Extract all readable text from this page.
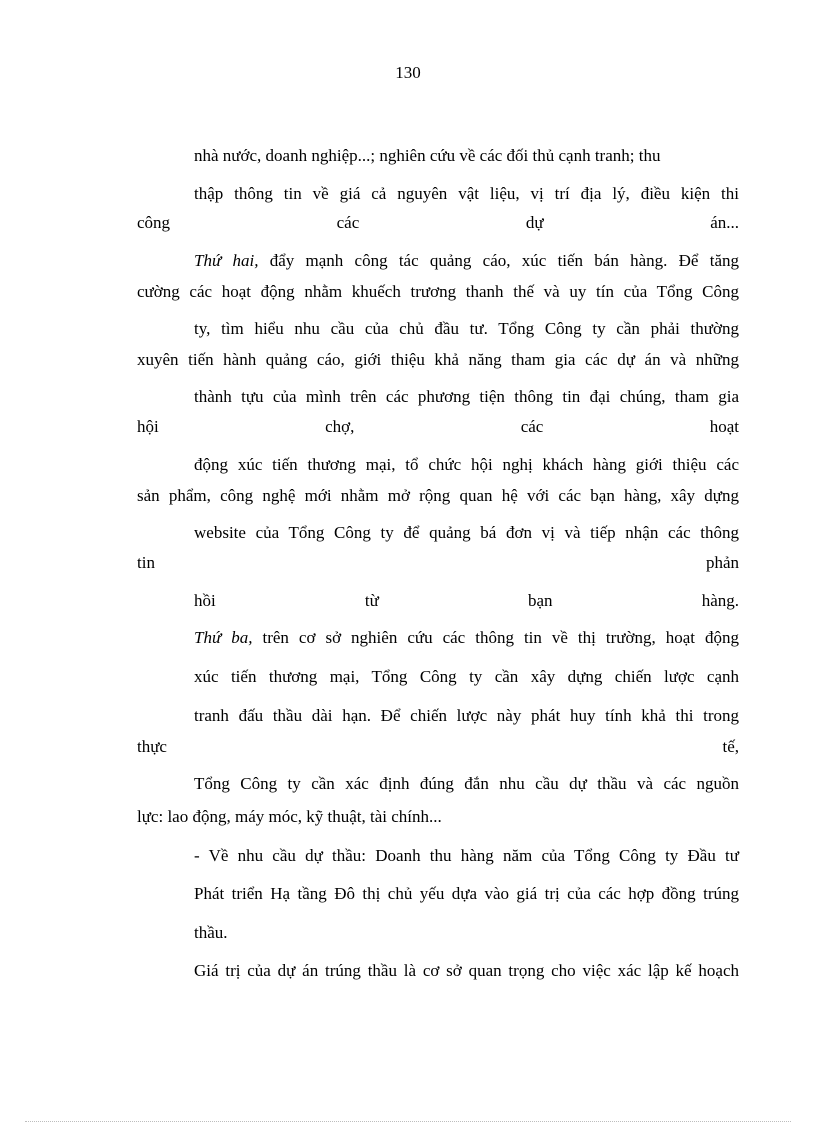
130
nhà nước, doanh nghiệp...; nghiên cứu về các đối thủ cạnh tranh; thu
thập thông tin về giá cả nguyên vật liệu, vị trí địa lý, điều kiện thi
công	các	dự	án...
Thứ hai, đẩy mạnh công tác quảng cáo, xúc tiến bán hàng. Để tăng
cường các hoạt động nhằm khuếch trương thanh thế và uy tín của Tổng Công
ty, tìm hiểu nhu cầu của chủ đầu tư. Tổng Công ty cần phải thường
xuyên tiến hành quảng cáo, giới thiệu khả năng tham gia các dự án và những
thành tựu của mình trên các phương tiện thông tin đại chúng, tham gia
hội	chợ,	các	hoạt
động xúc tiến thương mại, tổ chức hội nghị khách hàng giới thiệu các
sản phẩm, công nghệ mới nhằm mở rộng quan hệ với các bạn hàng, xây dựng
website của Tổng Công ty để quảng bá đơn vị và tiếp nhận các thông
tin	phản
hồi	từ	bạn	hàng.
Thứ ba, trên cơ sở nghiên cứu các thông tin về thị trường, hoạt động
xúc tiến thương mại, Tổng Công ty cần xây dựng chiến lược cạnh
tranh đấu thầu dài hạn. Để chiến lược này phát huy tính khả thi trong
thực	tế,
Tổng Công ty cần xác định đúng đắn nhu cầu dự thầu và các nguồn
lực: lao động, máy móc, kỹ thuật, tài chính...
- Về nhu cầu dự thầu: Doanh thu hàng năm của Tổng Công ty Đầu tư
Phát triển Hạ tầng Đô thị chủ yếu dựa vào giá trị của các hợp đồng trúng
thầu.
Giá trị của dự án trúng thầu là cơ sở quan trọng cho việc xác lập kế hoạch
